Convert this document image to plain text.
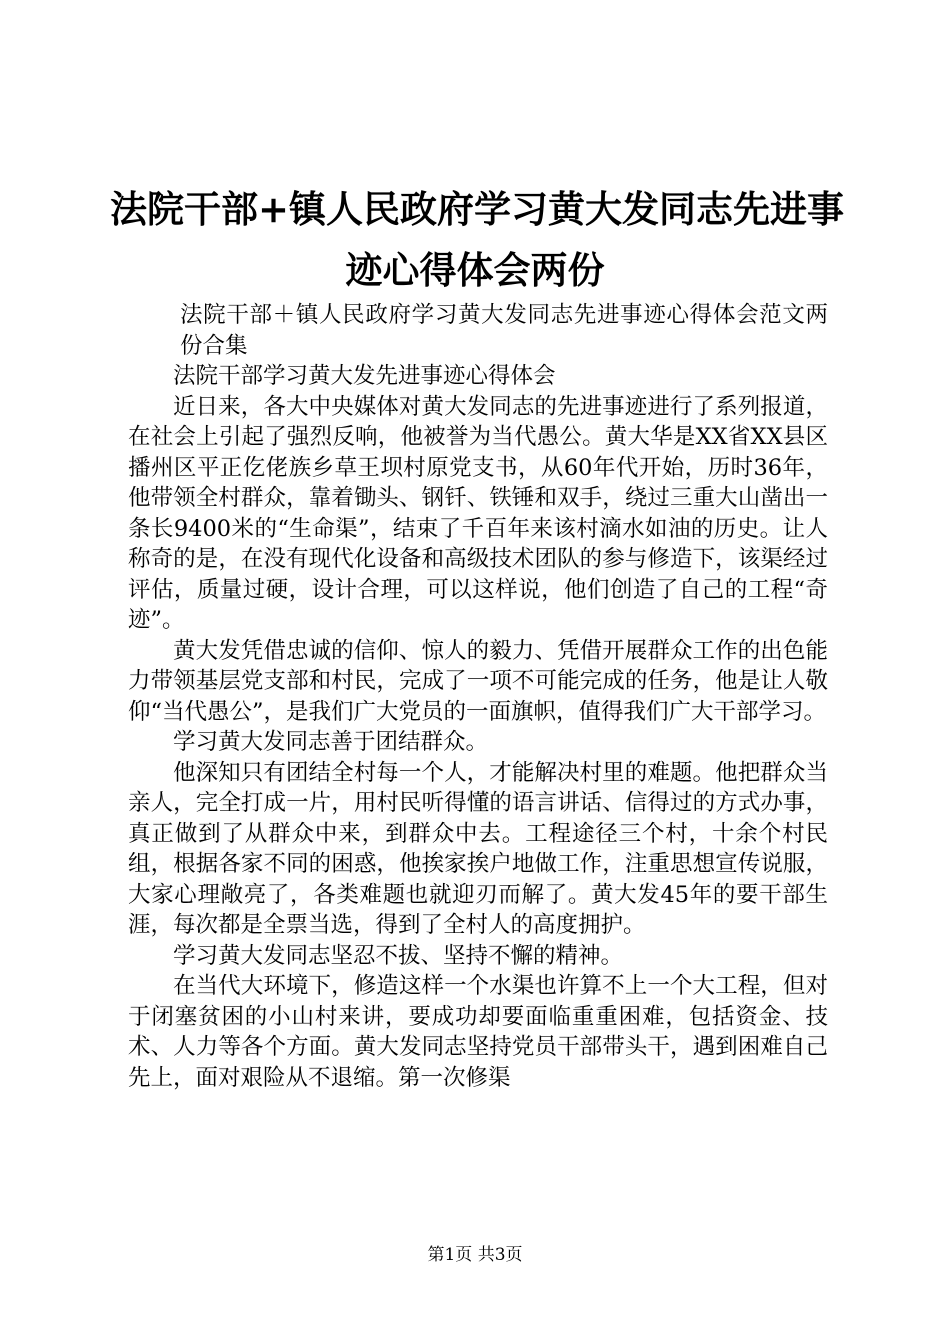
法院干部+镇人民政府学习黄大发同志先进事
迹心得体会两份

法院干部＋镇人民政府学习黄大发同志先进事迹心得体会范文两份合集

法院干部学习黄大发先进事迹心得体会

近日来，各大中央媒体对黄大发同志的先进事迹进行了系列报道，在社会上引起了强烈反响，他被誉为当代愚公。黄大华是XX省XX县区播州区平正仡佬族乡草王坝村原党支书，从60年代开始，历时36年，他带领全村群众，靠着锄头、钢钎、铁锤和双手，绕过三重大山凿出一条长9400米的“生命渠”，结束了千百年来该村滴水如油的历史。让人称奇的是，在没有现代化设备和高级技术团队的参与修造下，该渠经过评估，质量过硬，设计合理，可以这样说，他们创造了自己的工程“奇迹”。

黄大发凭借忠诚的信仰、惊人的毅力、凭借开展群众工作的出色能力带领基层党支部和村民，完成了一项不可能完成的任务，他是让人敬仰“当代愚公”，是我们广大党员的一面旗帜，值得我们广大干部学习。

学习黄大发同志善于团结群众。

他深知只有团结全村每一个人，才能解决村里的难题。他把群众当亲人，完全打成一片，用村民听得懂的语言讲话、信得过的方式办事，真正做到了从群众中来，到群众中去。工程途径三个村，十余个村民组，根据各家不同的困惑，他挨家挨户地做工作，注重思想宣传说服，大家心理敞亮了，各类难题也就迎刃而解了。黄大发45年的要干部生涯，每次都是全票当选，得到了全村人的高度拥护。

学习黄大发同志坚忍不拔、坚持不懈的精神。

在当代大环境下，修造这样一个水渠也许算不上一个大工程，但对于闭塞贫困的小山村来讲，要成功却要面临重重困难，包括资金、技术、人力等各个方面。黄大发同志坚持党员干部带头干，遇到困难自己先上，面对艰险从不退缩。第一次修渠

第1页 共3页
